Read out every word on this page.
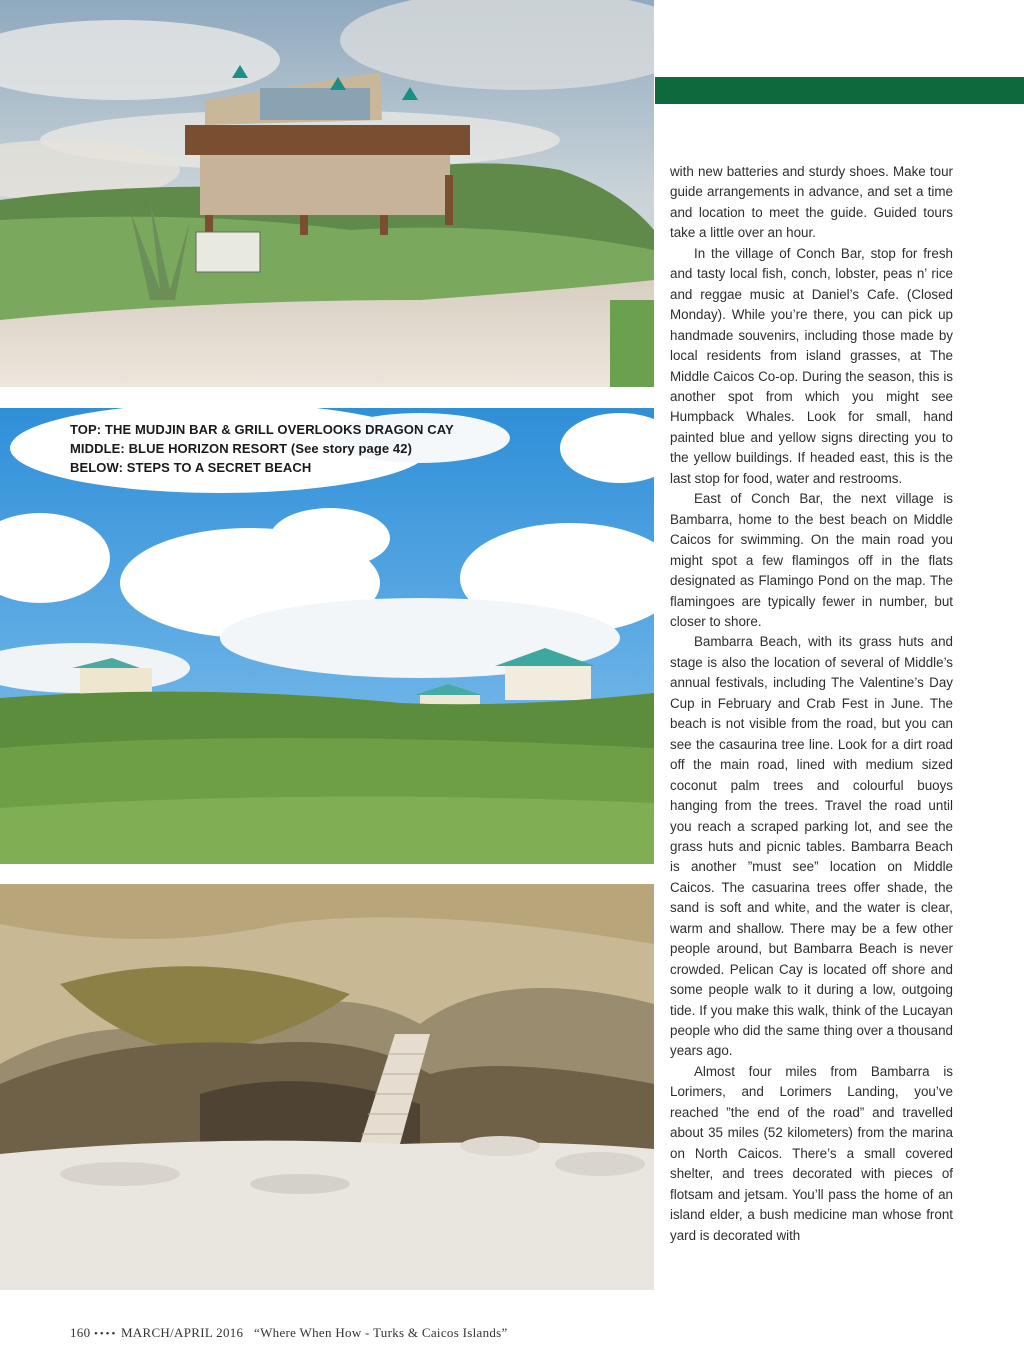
TOP: THE MUDJIN BAR & GRILL OVERLOOKS DRAGON CAY
MIDDLE: BLUE HORIZON RESORT (See story page 42)
BELOW: STEPS TO A SECRET BEACH

with new batteries and sturdy shoes. Make tour guide arrangements in advance, and set a time and location to meet the guide. Guided tours take a little over an hour.

In the village of Conch Bar, stop for fresh and tasty local fish, conch, lobster, peas n’ rice and reggae music at Daniel’s Cafe. (Closed Monday). While you’re there, you can pick up handmade souvenirs, including those made by local residents from island grasses, at The Middle Caicos Co-op. During the season, this is another spot from which you might see Humpback Whales. Look for small, hand painted blue and yellow signs directing you to the yellow buildings. If headed east, this is the last stop for food, water and restrooms.

East of Conch Bar, the next village is Bambarra, home to the best beach on Middle Caicos for swimming. On the main road you might spot a few flamingos off in the flats designated as Flamingo Pond on the map. The flamingoes are typically fewer in number, but closer to shore.

Bambarra Beach, with its grass huts and stage is also the location of several of Middle’s annual festivals, including The Valentine’s Day Cup in February and Crab Fest in June. The beach is not visible from the road, but you can see the casaurina tree line. Look for a dirt road off the main road, lined with medium sized coconut palm trees and colourful buoys hanging from the trees. Travel the road until you reach a scraped parking lot, and see the grass huts and picnic tables. Bambarra Beach is another ”must see” location on Middle Caicos. The casuarina trees offer shade, the sand is soft and white, and the water is clear, warm and shallow. There may be a few other people around, but Bambarra Beach is never crowded. Pelican Cay is located off shore and some people walk to it during a low, outgoing tide. If you make this walk, think of the Lucayan people who did the same thing over a thousand years ago.

Almost four miles from Bambarra is Lorimers, and Lorimers Landing, you’ve reached ”the end of the road” and travelled about 35 miles (52 kilometers) from the marina on North Caicos. There’s a small covered shelter, and trees decorated with pieces of flotsam and jetsam. You’ll pass the home of an island elder, a bush medicine man whose front yard is decorated with

160 •••• MARCH/APRIL 2016 “Where When How - Turks & Caicos Islands”
